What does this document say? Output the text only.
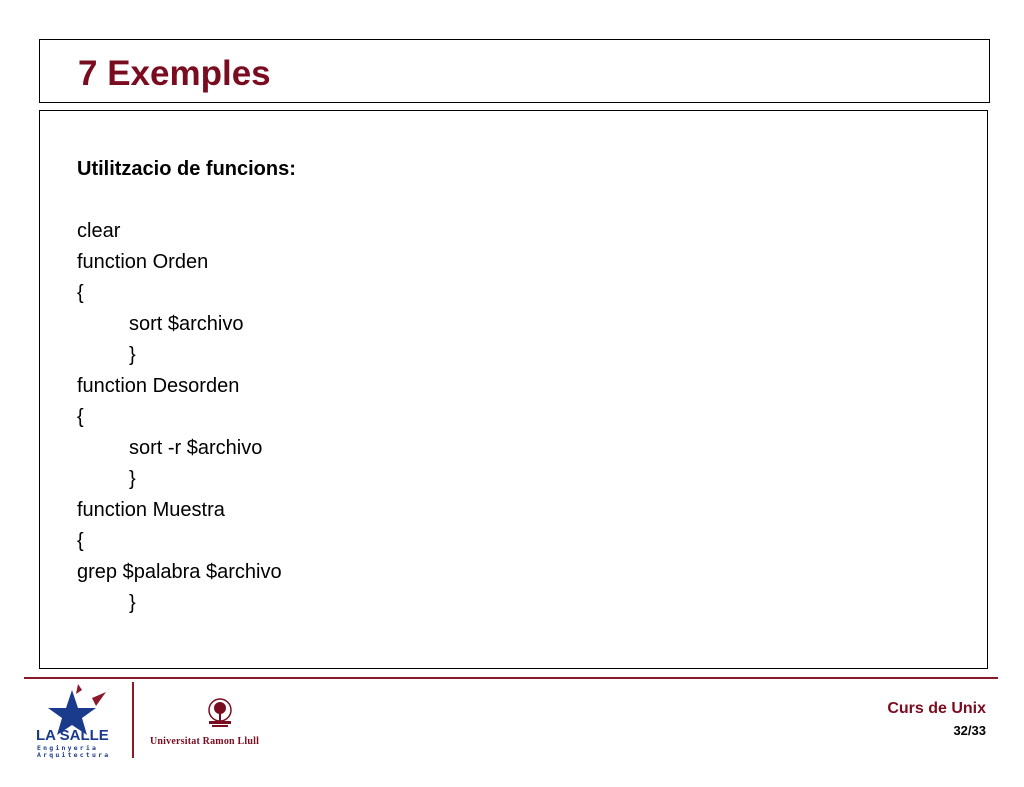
7 Exemples
Utilitzacio de funcions:
clear
function Orden
{
sort $archivo
}
function Desorden
{
sort -r $archivo
}
function Muestra
{
grep $palabra $archivo
}
LA SALLE
Enginyeria
Arquitectura
Universitat Ramon Llull
Curs de Unix
32/33
